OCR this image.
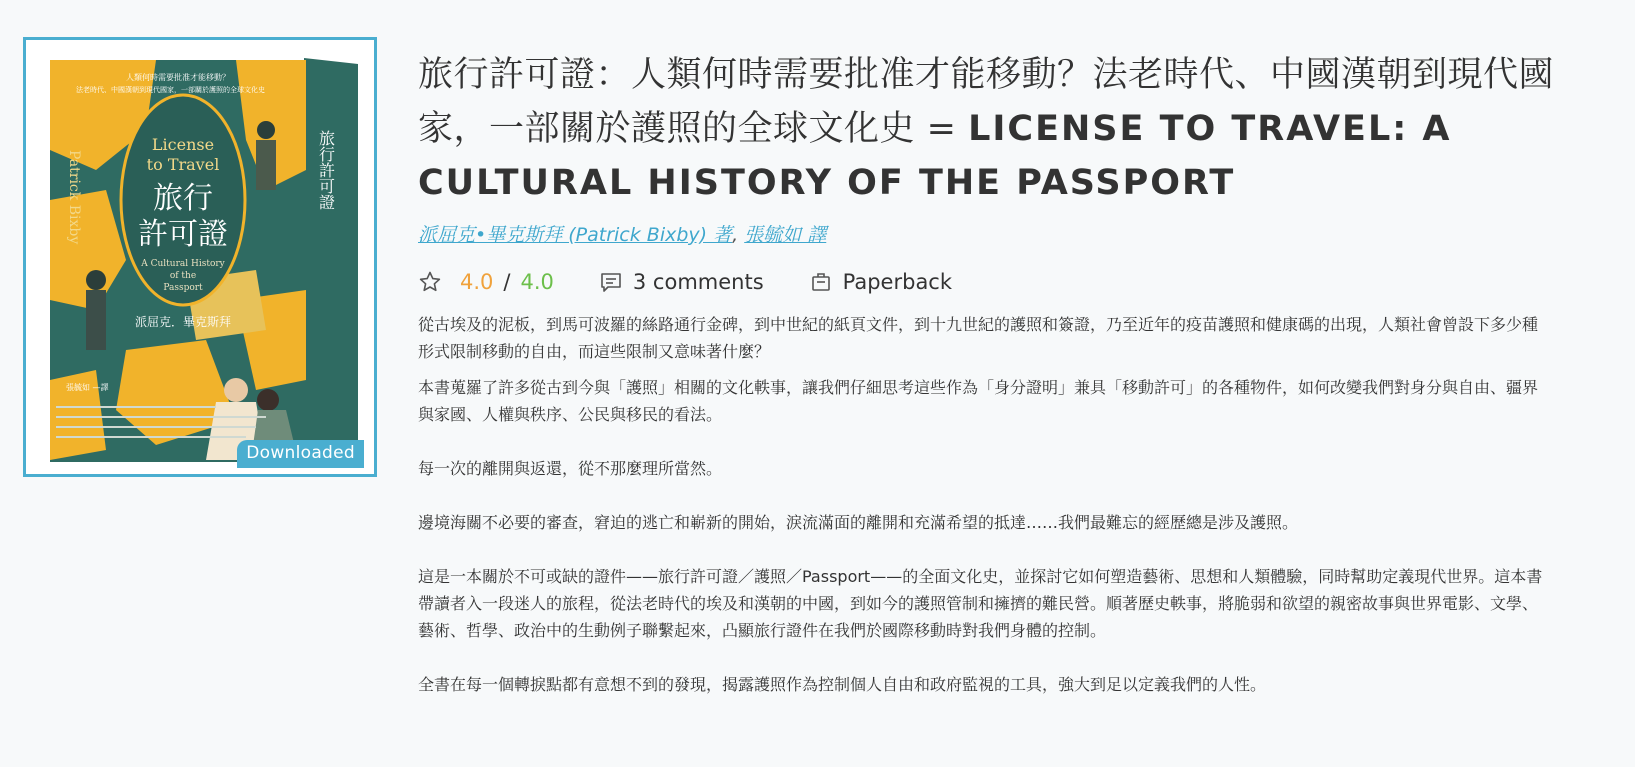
License
to Travel
旅行
許可證
A Cultural History
of the
Passport
派屈克．畢克斯拜
Patrick Bixby
人類何時需要批准才能移動？
法老時代、中國漢朝到現代國家，一部關於護照的全球文化史
旅行許可證
張毓如 —譯
Downloaded
旅行許可證：人類何時需要批准才能移動？法老時代、中國漢朝到現代國家，一部關於護照的全球文化史 = LICENSE TO TRAVEL: A CULTURAL HISTORY OF THE PASSPORT
派屈克•畢克斯拜 (Patrick Bixby) 著, 張毓如 譯
4.0 / 4.0	3 comments	Paperback

從古埃及的泥板，到馬可波羅的絲路通行金碑，到中世紀的紙頁文件，到十九世紀的護照和簽證，乃至近年的疫苗護照和健康碼的出現，人類社會曾設下多少種形式限制移動的自由，而這些限制又意味著什麼？

本書蒐羅了許多從古到今與「護照」相關的文化軼事，讓我們仔細思考這些作為「身分證明」兼具「移動許可」的各種物件，如何改變我們對身分與自由、疆界與家國、人權與秩序、公民與移民的看法。

每一次的離開與返還，從不那麼理所當然。

邊境海關不必要的審查，窘迫的逃亡和嶄新的開始，淚流滿面的離開和充滿希望的抵達……我們最難忘的經歷總是涉及護照。

這是一本關於不可或缺的證件——旅行許可證／護照／Passport——的全面文化史，並探討它如何塑造藝術、思想和人類體驗，同時幫助定義現代世界。這本書帶讀者入一段迷人的旅程，從法老時代的埃及和漢朝的中國，到如今的護照管制和擁擠的難民營。順著歷史軼事，將脆弱和欲望的親密故事與世界電影、文學、藝術、哲學、政治中的生動例子聯繫起來，凸顯旅行證件在我們於國際移動時對我們身體的控制。

全書在每一個轉捩點都有意想不到的發現，揭露護照作為控制個人自由和政府監視的工具，強大到足以定義我們的人性。
